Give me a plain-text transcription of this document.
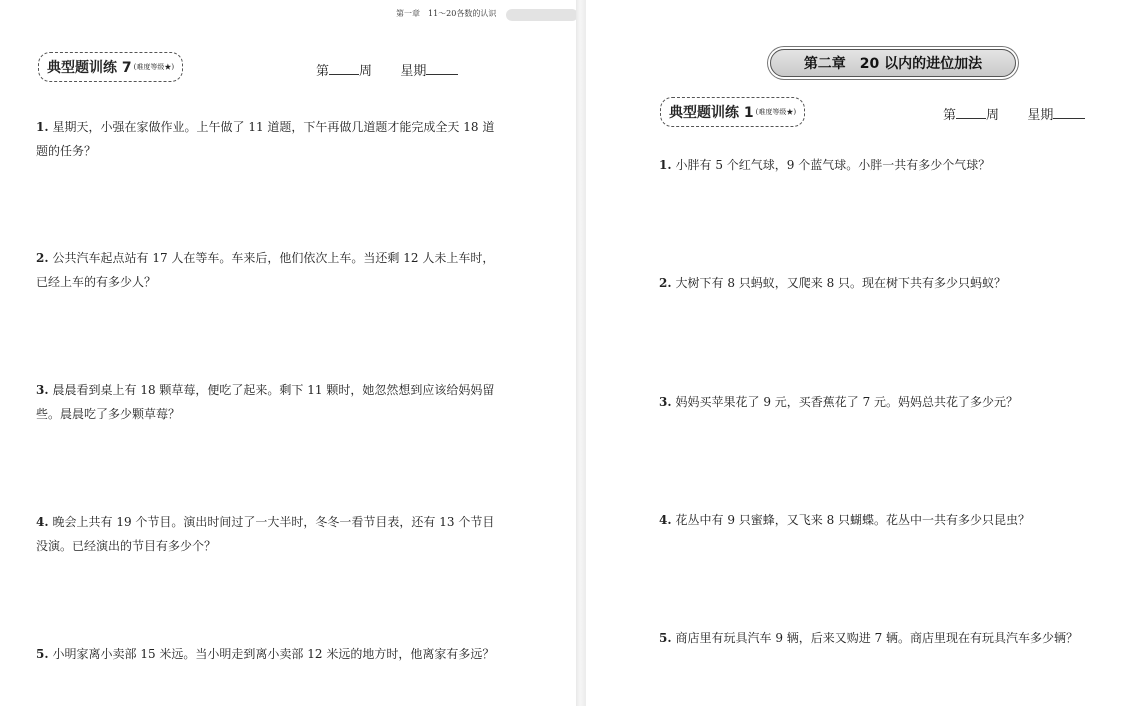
第一章　11～20各数的认识
典型题训练 7 (难度等级★)	第 周 星期
1. 星期天，小强在家做作业。上午做了 11 道题，下午再做几道题才能完成全天 18 道题的任务？
2. 公共汽车起点站有 17 人在等车。车来后，他们依次上车。当还剩 12 人未上车时，已经上车的有多少人？
3. 晨晨看到桌上有 18 颗草莓，便吃了起来。剩下 11 颗时，她忽然想到应该给妈妈留些。晨晨吃了多少颗草莓？
4. 晚会上共有 19 个节目。演出时间过了一大半时，冬冬一看节目表，还有 13 个节目没演。已经演出的节目有多少个？
5. 小明家离小卖部 15 米远。当小明走到离小卖部 12 米远的地方时，他离家有多远？
第二章　20 以内的进位加法
典型题训练 1 (难度等级★)	第 周 星期
1. 小胖有 5 个红气球，9 个蓝气球。小胖一共有多少个气球？
2. 大树下有 8 只蚂蚁，又爬来 8 只。现在树下共有多少只蚂蚁？
3. 妈妈买苹果花了 9 元，买香蕉花了 7 元。妈妈总共花了多少元？
4. 花丛中有 9 只蜜蜂，又飞来 8 只蝴蝶。花丛中一共有多少只昆虫？
5. 商店里有玩具汽车 9 辆，后来又购进 7 辆。商店里现在有玩具汽车多少辆？
